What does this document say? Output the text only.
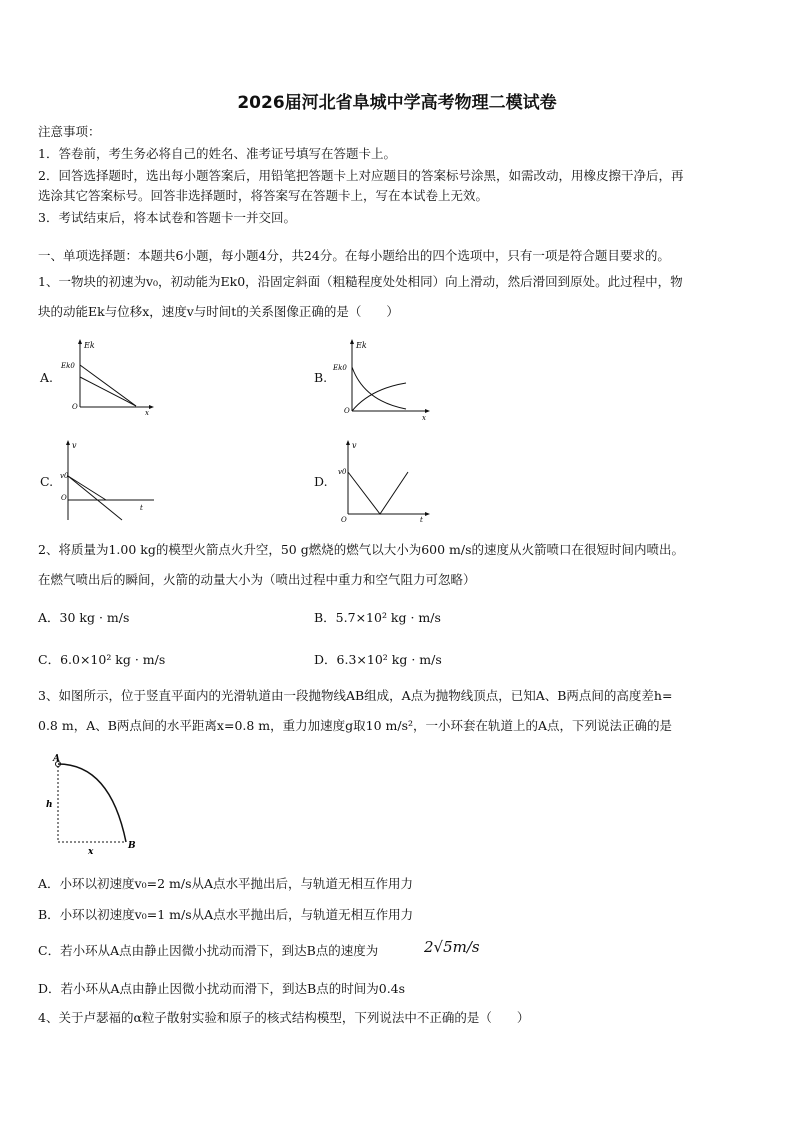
2026届河北省阜城中学高考物理二模试卷
注意事项：
1．答卷前，考生务必将自己的姓名、准考证号填写在答题卡上。
2．回答选择题时，选出每小题答案后，用铅笔把答题卡上对应题目的答案标号涂黑，如需改动，用橡皮擦干净后，再
选涂其它答案标号。回答非选择题时，将答案写在答题卡上，写在本试卷上无效。
3．考试结束后，将本试卷和答题卡一并交回。
一、单项选择题：本题共6小题，每小题4分，共24分。在每小题给出的四个选项中，只有一项是符合题目要求的。
1、一物块的初速为v₀，初动能为Ek0，沿固定斜面（粗糙程度处处相同）向上滑动，然后滑回到原处。此过程中，物
块的动能Ek与位移x，速度v与时间t的关系图像正确的是（　　）
A.
Ek
Ek0
O
x
B.
Ek
Ek0
O
x
C.
v
v0
O
t
D.
v
v0
O	t
2、将质量为1.00 kg的模型火箭点火升空，50 g燃烧的燃气以大小为600 m/s的速度从火箭喷口在很短时间内喷出。
在燃气喷出后的瞬间，火箭的动量大小为（喷出过程中重力和空气阻力可忽略）
A．30 kg · m/s	B．5.7×10² kg · m/s
C．6.0×10² kg · m/s	D．6.3×10² kg · m/s
3、如图所示，位于竖直平面内的光滑轨道由一段抛物线AB组成，A点为抛物线顶点，已知A、B两点间的高度差h=
0.8 m，A、B两点间的水平距离x=0.8 m，重力加速度g取10 m/s²，一小环套在轨道上的A点，下列说法正确的是
A
h
B
x
A．小环以初速度v₀=2 m/s从A点水平抛出后，与轨道无相互作用力
B．小环以初速度v₀=1 m/s从A点水平抛出后，与轨道无相互作用力
C．若小环从A点由静止因微小扰动而滑下，到达B点的速度为	2√5m/s
D．若小环从A点由静止因微小扰动而滑下，到达B点的时间为0.4s
4、关于卢瑟福的α粒子散射实验和原子的核式结构模型，下列说法中不正确的是（　　）
